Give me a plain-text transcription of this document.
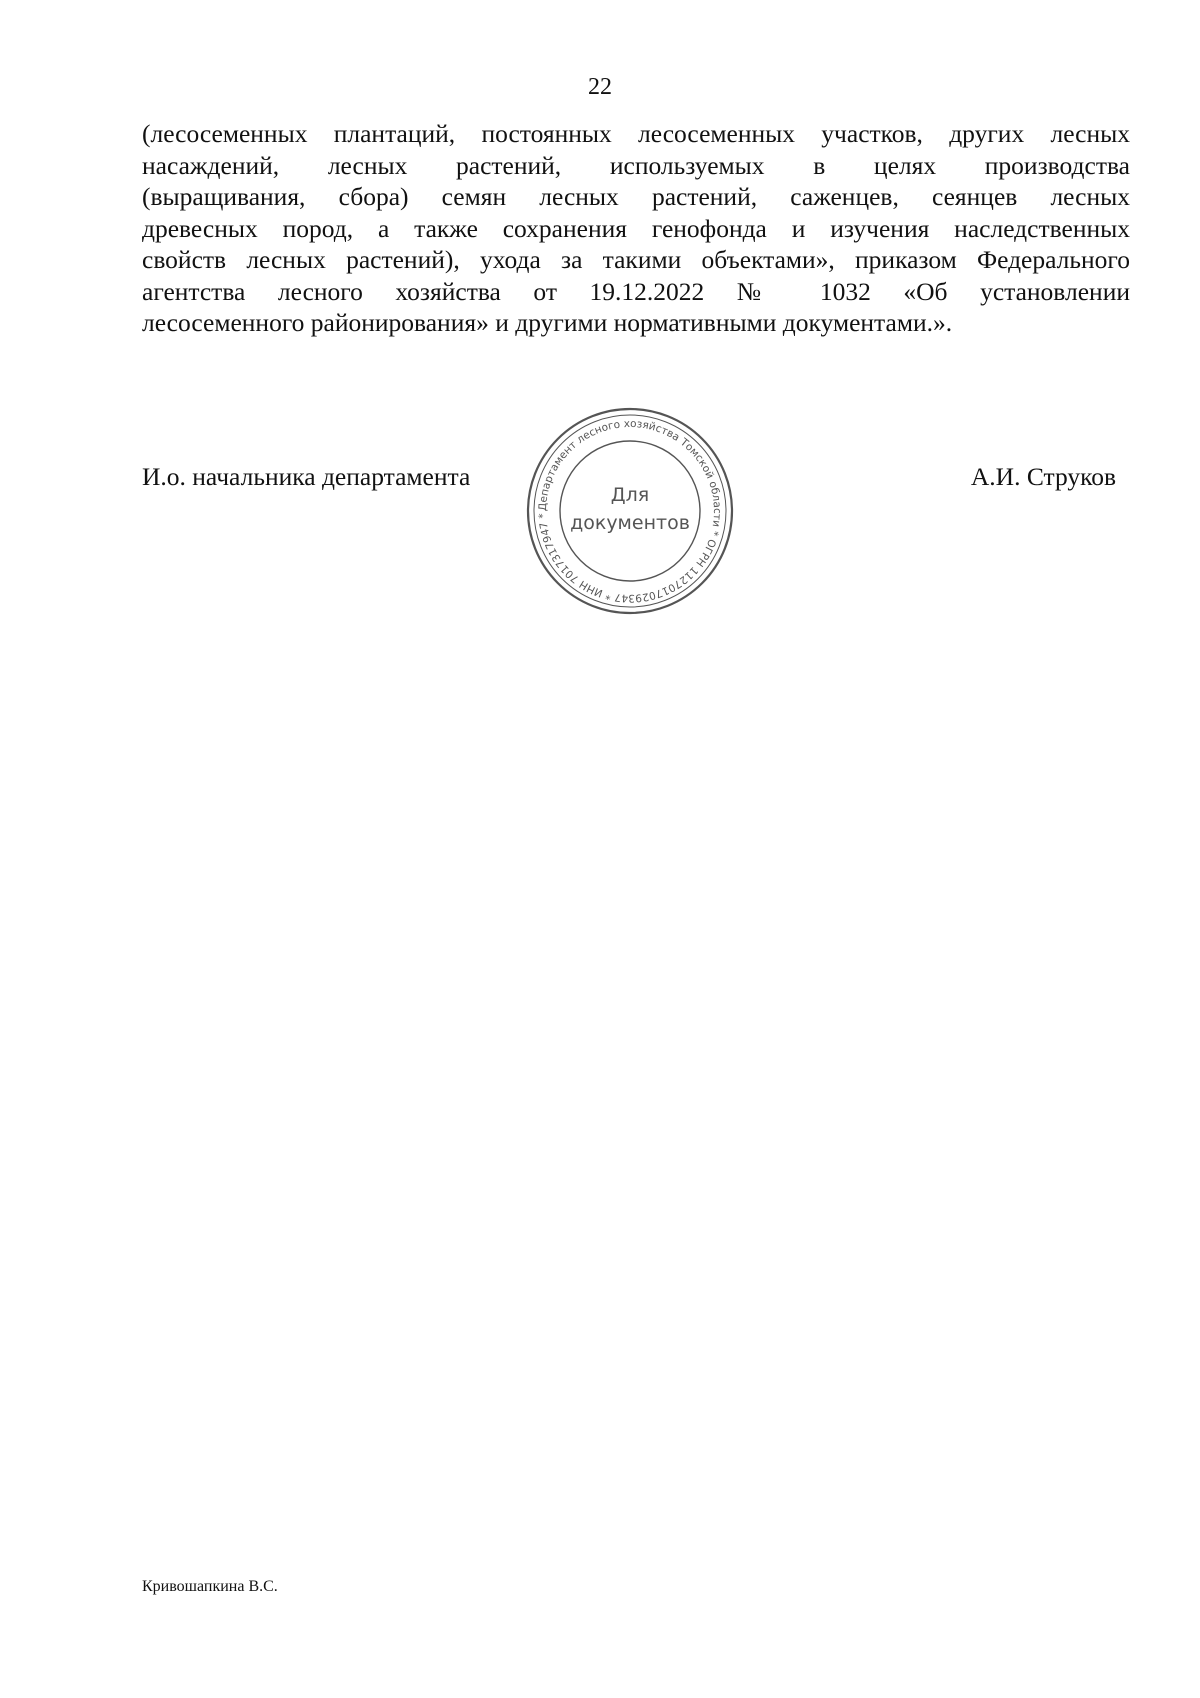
22
(лесосеменных плантаций, постоянных лесосеменных участков, других лесных
насаждений, лесных растений, используемых в целях производства
(выращивания, сбора) семян лесных растений, саженцев, сеянцев лесных
древесных пород, а также сохранения генофонда и изучения наследственных
свойств лесных растений), ухода за такими объектами», приказом Федерального
агентства лесного хозяйства от 19.12.2022 № 1032 «Об установлении
лесосеменного районирования» и другими нормативными документами.».
И.о. начальника департамента	А.И. Струков
Департамент лесного хозяйства Томской области * ОГРН 1127017029347 * ИНН 7017317947 *
Для
документов
Кривошапкина В.С.
